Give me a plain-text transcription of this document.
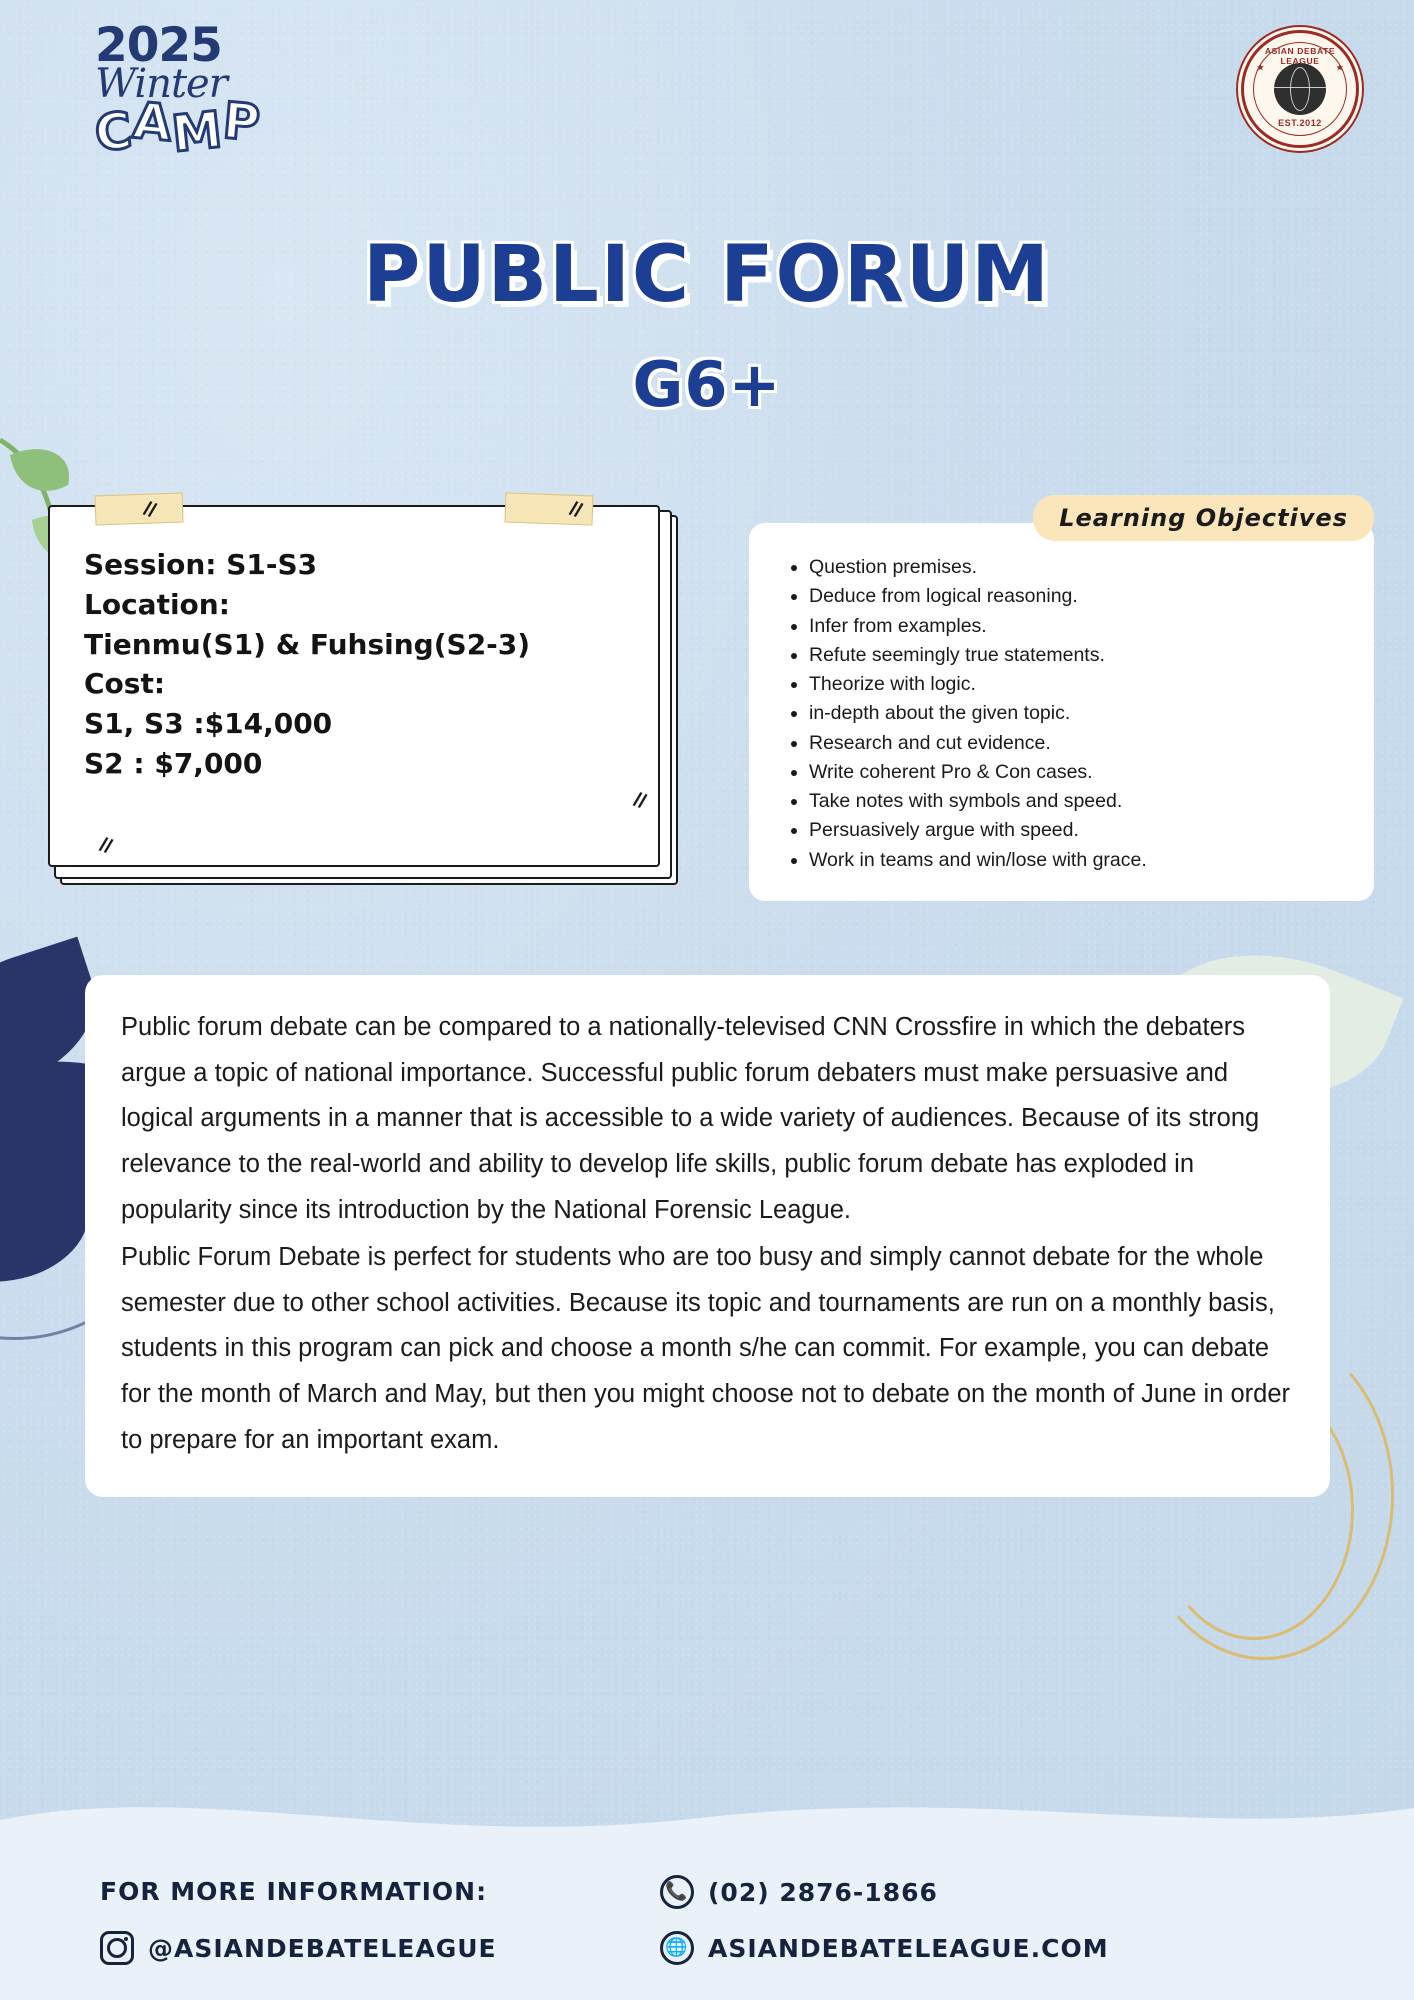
2025
Winter
CAMP
ASIAN DEBATE LEAGUE
EST.2012
★	★
PUBLIC FORUM
G6+
Session: S1-S3
Location:
Tienmu(S1) & Fuhsing(S2-3)
Cost:
S1, S3 :$14,000
S2 : $7,000
//	//
//
//
• Question premises.
• Deduce from logical reasoning.
• Infer from examples.
• Refute seemingly true statements.
• Theorize with logic.
• in-depth about the given topic.
• Research and cut evidence.
• Write coherent Pro & Con cases.
• Take notes with symbols and speed.
• Persuasively argue with speed.
• Work in teams and win/lose with grace.
Learning Objectives

Public forum debate can be compared to a nationally-televised CNN Crossfire in which the debaters argue a topic of national importance. Successful public forum debaters must make persuasive and logical arguments in a manner that is accessible to a wide variety of audiences. Because of its strong relevance to the real-world and ability to develop life skills, public forum debate has exploded in popularity since its introduction by the National Forensic League.

Public Forum Debate is perfect for students who are too busy and simply cannot debate for the whole semester due to other school activities. Because its topic and tournaments are run on a monthly basis, students in this program can pick and choose a month s/he can commit. For example, you can debate for the month of March and May, but then you might choose not to debate on the month of June in order to prepare for an important exam.

FOR MORE INFORMATION:
@ASIANDEBATELEAGUE
📞 (02) 2876-1866
🌐 ASIANDEBATELEAGUE.COM
